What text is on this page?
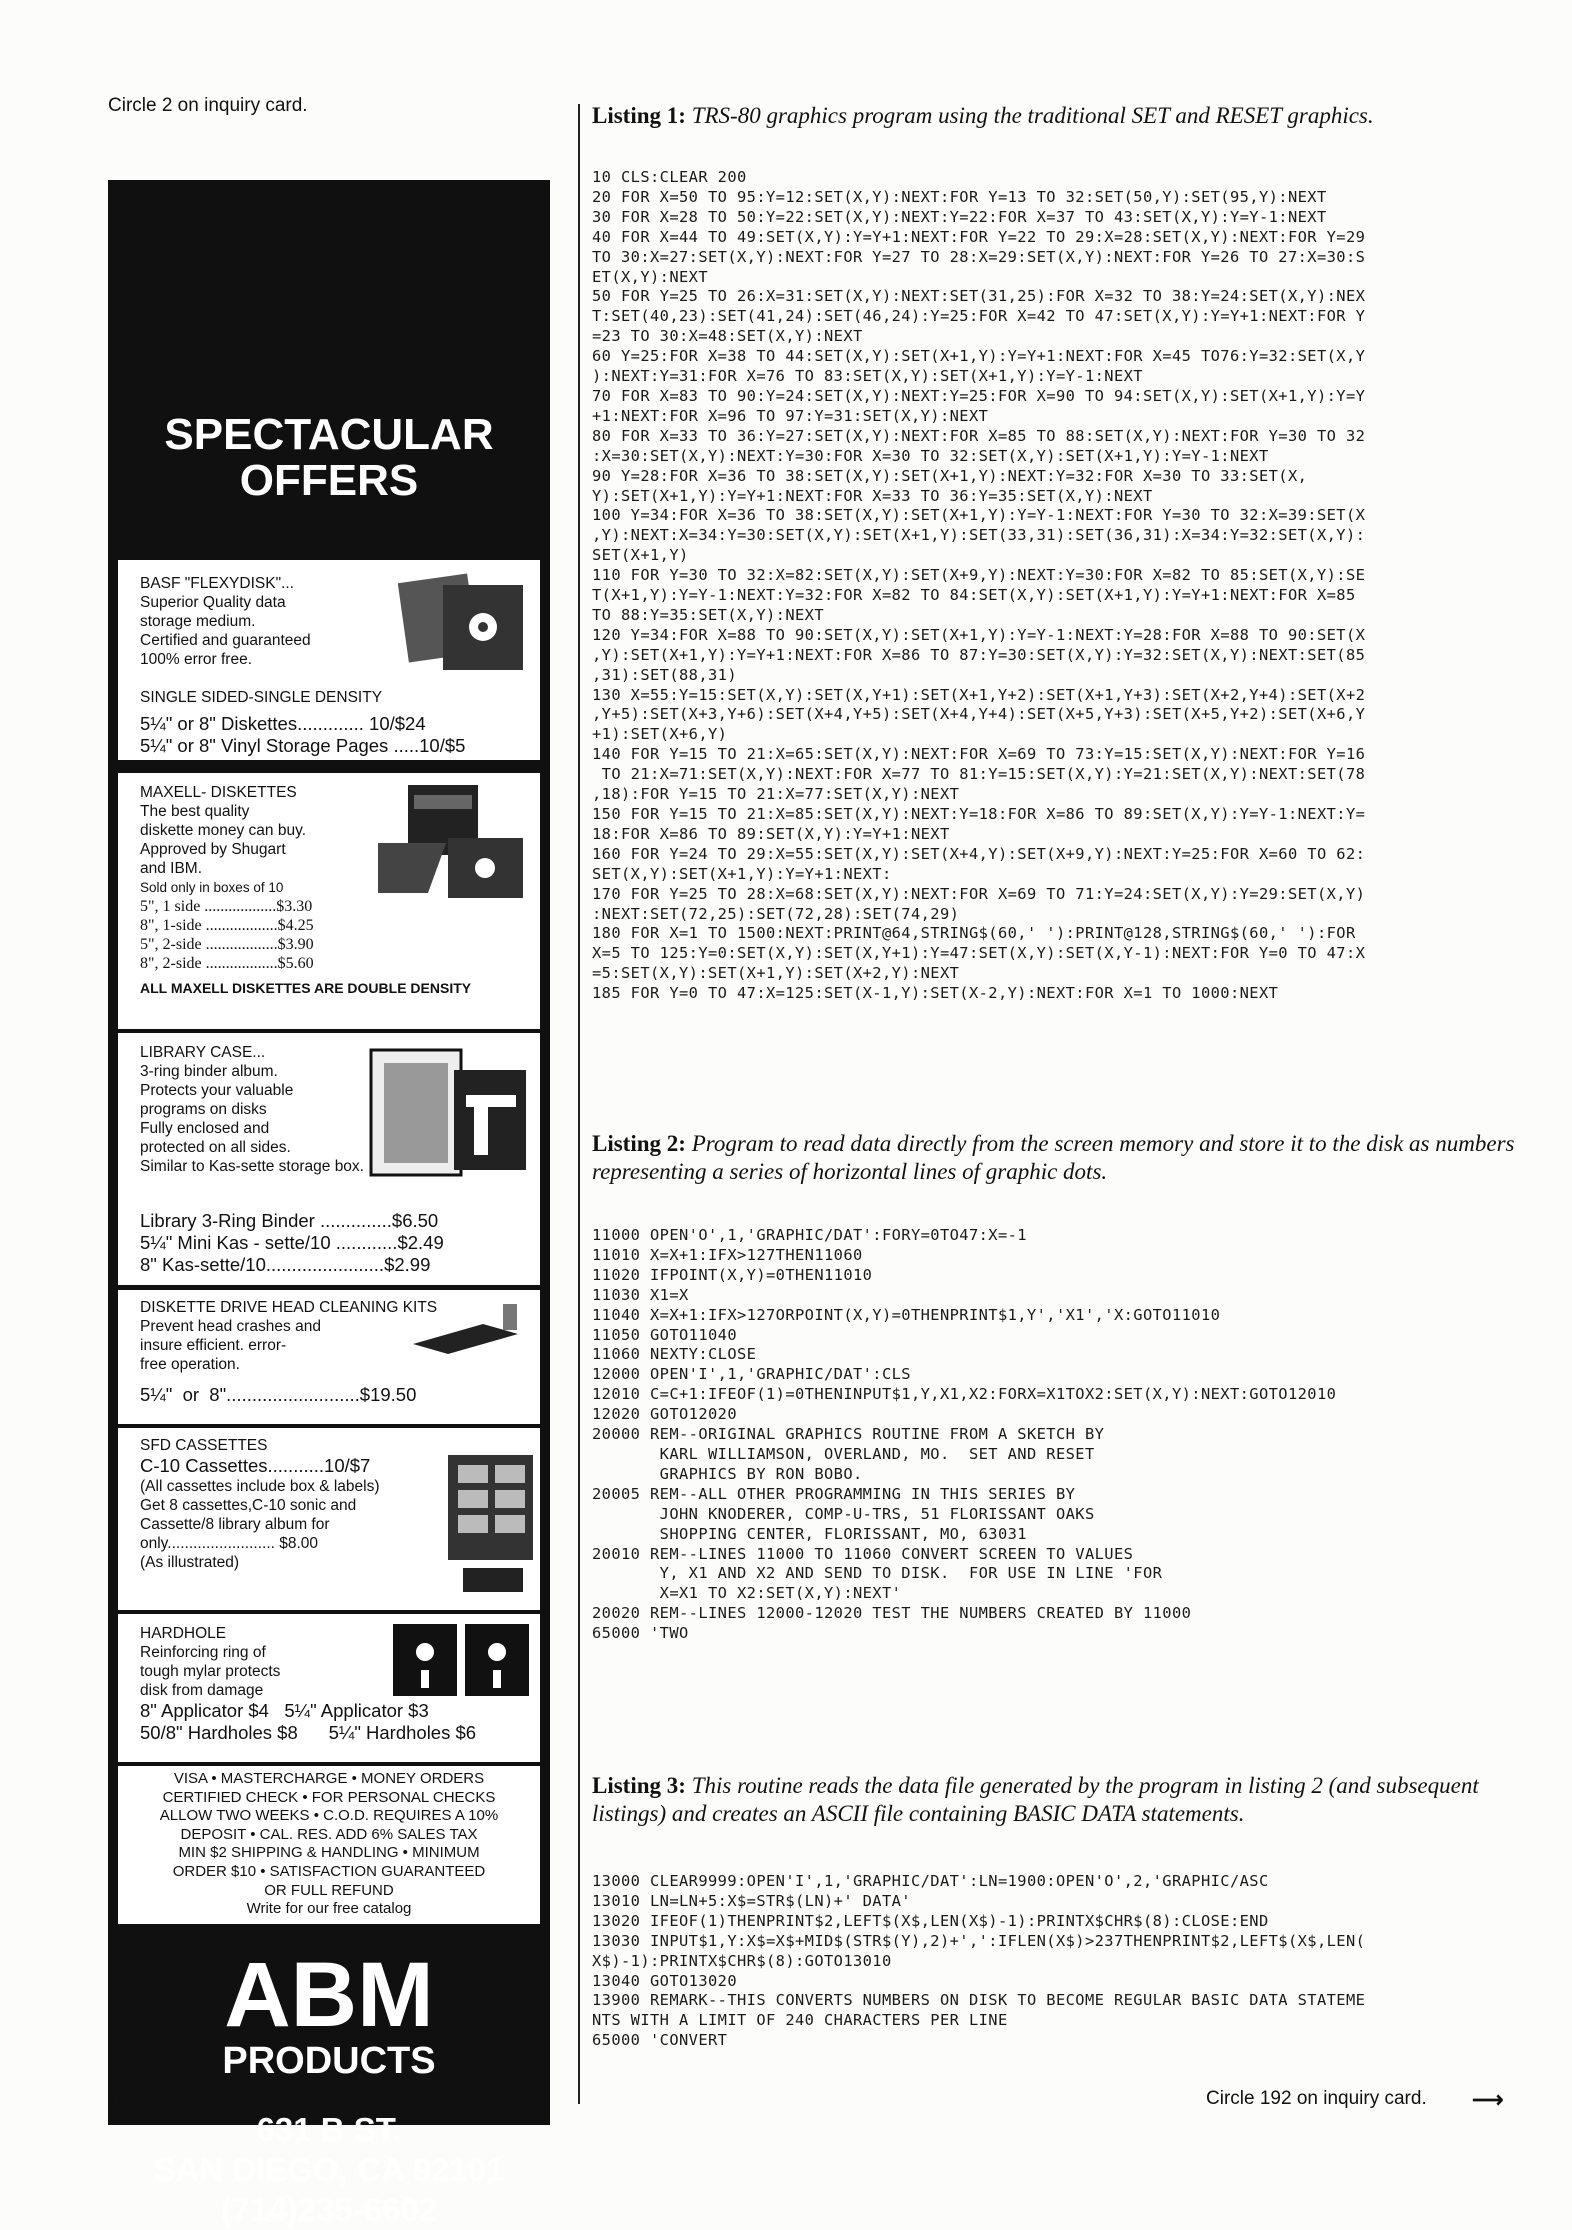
Circle 2 on inquiry card.
SPECTACULAR
OFFERS
BASF "FLEXYDISK"...
Superior Quality data
storage medium.
Certified and guaranteed
100% error free.

SINGLE SIDED-SINGLE DENSITY
5¼" or 8" Diskettes............. 10/$24
5¼" or 8" Vinyl Storage Pages .....10/$5
MAXELL- DISKETTES
The best quality
diskette money can buy.
Approved by Shugart
and IBM.
Sold only in boxes of 10
5", 1 side ..................$3.30
8", 1-side ..................$4.25
5", 2-side ..................$3.90
8", 2-side ..................$5.60
ALL MAXELL DISKETTES ARE DOUBLE DENSITY
LIBRARY CASE...
3-ring binder album.
Protects your valuable
programs on disks
Fully enclosed and
protected on all sides.
Similar to Kas-sette storage box.
Library 3-Ring Binder ..............$6.50
5¼" Mini Kas - sette/10 ............$2.49
8" Kas-sette/10.......................$2.99
DISKETTE DRIVE HEAD CLEANING KITS
Prevent head crashes and
insure efficient. error-
free operation.
5¼"  or  8"..........................$19.50
SFD CASSETTES
C-10 Cassettes...........10/$7
(All cassettes include box & labels)
Get 8 cassettes,C-10 sonic and
Cassette/8 library album for
only......................... $8.00
(As illustrated)
HARDHOLE
Reinforcing ring of
tough mylar protects
disk from damage
8" Applicator $4   5¼" Applicator $3
50/8" Hardholes $8      5¼" Hardholes $6
VISA • MASTERCHARGE • MONEY ORDERS
CERTIFIED CHECK • FOR PERSONAL CHECKS
ALLOW TWO WEEKS • C.O.D. REQUIRES A 10%
DEPOSIT • CAL. RES. ADD 6% SALES TAX
MIN $2 SHIPPING & HANDLING • MINIMUM
ORDER $10 • SATISFACTION GUARANTEED
OR FULL REFUND
Write for our free catalog
ABM
PRODUCTS
631 B ST.
SAN DIEGO, CA 92101
(714)235-6602
Listing 1: TRS-80 graphics program using the traditional SET and RESET graphics.
10 CLS:CLEAR 200
20 FOR X=50 TO 95:Y=12:SET(X,Y):NEXT:FOR Y=13 TO 32:SET(50,Y):SET(95,Y):NEXT
30 FOR X=28 TO 50:Y=22:SET(X,Y):NEXT:Y=22:FOR X=37 TO 43:SET(X,Y):Y=Y-1:NEXT
40 FOR X=44 TO 49:SET(X,Y):Y=Y+1:NEXT:FOR Y=22 TO 29:X=28:SET(X,Y):NEXT:FOR Y=29
TO 30:X=27:SET(X,Y):NEXT:FOR Y=27 TO 28:X=29:SET(X,Y):NEXT:FOR Y=26 TO 27:X=30:S
ET(X,Y):NEXT
50 FOR Y=25 TO 26:X=31:SET(X,Y):NEXT:SET(31,25):FOR X=32 TO 38:Y=24:SET(X,Y):NEX
T:SET(40,23):SET(41,24):SET(46,24):Y=25:FOR X=42 TO 47:SET(X,Y):Y=Y+1:NEXT:FOR Y
=23 TO 30:X=48:SET(X,Y):NEXT
60 Y=25:FOR X=38 TO 44:SET(X,Y):SET(X+1,Y):Y=Y+1:NEXT:FOR X=45 TO76:Y=32:SET(X,Y
):NEXT:Y=31:FOR X=76 TO 83:SET(X,Y):SET(X+1,Y):Y=Y-1:NEXT
70 FOR X=83 TO 90:Y=24:SET(X,Y):NEXT:Y=25:FOR X=90 TO 94:SET(X,Y):SET(X+1,Y):Y=Y
+1:NEXT:FOR X=96 TO 97:Y=31:SET(X,Y):NEXT
80 FOR X=33 TO 36:Y=27:SET(X,Y):NEXT:FOR X=85 TO 88:SET(X,Y):NEXT:FOR Y=30 TO 32
:X=30:SET(X,Y):NEXT:Y=30:FOR X=30 TO 32:SET(X,Y):SET(X+1,Y):Y=Y-1:NEXT
90 Y=28:FOR X=36 TO 38:SET(X,Y):SET(X+1,Y):NEXT:Y=32:FOR X=30 TO 33:SET(X,
Y):SET(X+1,Y):Y=Y+1:NEXT:FOR X=33 TO 36:Y=35:SET(X,Y):NEXT
100 Y=34:FOR X=36 TO 38:SET(X,Y):SET(X+1,Y):Y=Y-1:NEXT:FOR Y=30 TO 32:X=39:SET(X
,Y):NEXT:X=34:Y=30:SET(X,Y):SET(X+1,Y):SET(33,31):SET(36,31):X=34:Y=32:SET(X,Y):
SET(X+1,Y)
110 FOR Y=30 TO 32:X=82:SET(X,Y):SET(X+9,Y):NEXT:Y=30:FOR X=82 TO 85:SET(X,Y):SE
T(X+1,Y):Y=Y-1:NEXT:Y=32:FOR X=82 TO 84:SET(X,Y):SET(X+1,Y):Y=Y+1:NEXT:FOR X=85
TO 88:Y=35:SET(X,Y):NEXT
120 Y=34:FOR X=88 TO 90:SET(X,Y):SET(X+1,Y):Y=Y-1:NEXT:Y=28:FOR X=88 TO 90:SET(X
,Y):SET(X+1,Y):Y=Y+1:NEXT:FOR X=86 TO 87:Y=30:SET(X,Y):Y=32:SET(X,Y):NEXT:SET(85
,31):SET(88,31)
130 X=55:Y=15:SET(X,Y):SET(X,Y+1):SET(X+1,Y+2):SET(X+1,Y+3):SET(X+2,Y+4):SET(X+2
,Y+5):SET(X+3,Y+6):SET(X+4,Y+5):SET(X+4,Y+4):SET(X+5,Y+3):SET(X+5,Y+2):SET(X+6,Y
+1):SET(X+6,Y)
140 FOR Y=15 TO 21:X=65:SET(X,Y):NEXT:FOR X=69 TO 73:Y=15:SET(X,Y):NEXT:FOR Y=16
TO 21:X=71:SET(X,Y):NEXT:FOR X=77 TO 81:Y=15:SET(X,Y):Y=21:SET(X,Y):NEXT:SET(78
,18):FOR Y=15 TO 21:X=77:SET(X,Y):NEXT
150 FOR Y=15 TO 21:X=85:SET(X,Y):NEXT:Y=18:FOR X=86 TO 89:SET(X,Y):Y=Y-1:NEXT:Y=
18:FOR X=86 TO 89:SET(X,Y):Y=Y+1:NEXT
160 FOR Y=24 TO 29:X=55:SET(X,Y):SET(X+4,Y):SET(X+9,Y):NEXT:Y=25:FOR X=60 TO 62:
SET(X,Y):SET(X+1,Y):Y=Y+1:NEXT:
170 FOR Y=25 TO 28:X=68:SET(X,Y):NEXT:FOR X=69 TO 71:Y=24:SET(X,Y):Y=29:SET(X,Y)
:NEXT:SET(72,25):SET(72,28):SET(74,29)
180 FOR X=1 TO 1500:NEXT:PRINT@64,STRING$(60,' '):PRINT@128,STRING$(60,' '):FOR
X=5 TO 125:Y=0:SET(X,Y):SET(X,Y+1):Y=47:SET(X,Y):SET(X,Y-1):NEXT:FOR Y=0 TO 47:X
=5:SET(X,Y):SET(X+1,Y):SET(X+2,Y):NEXT
185 FOR Y=0 TO 47:X=125:SET(X-1,Y):SET(X-2,Y):NEXT:FOR X=1 TO 1000:NEXT
Listing 2: Program to read data directly from the screen memory and store it to the disk as numbers representing a series of horizontal lines of graphic dots.
11000 OPEN'O',1,'GRAPHIC/DAT':FORY=0TO47:X=-1
11010 X=X+1:IFX>127THEN11060
11020 IFPOINT(X,Y)=0THEN11010
11030 X1=X
11040 X=X+1:IFX>127ORPOINT(X,Y)=0THENPRINT$1,Y','X1','X:GOTO11010
11050 GOTO11040
11060 NEXTY:CLOSE
12000 OPEN'I',1,'GRAPHIC/DAT':CLS
12010 C=C+1:IFEOF(1)=0THENINPUT$1,Y,X1,X2:FORX=X1TOX2:SET(X,Y):NEXT:GOTO12010
12020 GOTO12020
20000 REM--ORIGINAL GRAPHICS ROUTINE FROM A SKETCH BY
KARL WILLIAMSON, OVERLAND, MO.  SET AND RESET
GRAPHICS BY RON BOBO.
20005 REM--ALL OTHER PROGRAMMING IN THIS SERIES BY
JOHN KNODERER, COMP-U-TRS, 51 FLORISSANT OAKS
SHOPPING CENTER, FLORISSANT, MO, 63031
20010 REM--LINES 11000 TO 11060 CONVERT SCREEN TO VALUES
Y, X1 AND X2 AND SEND TO DISK.  FOR USE IN LINE 'FOR
X=X1 TO X2:SET(X,Y):NEXT'
20020 REM--LINES 12000-12020 TEST THE NUMBERS CREATED BY 11000
65000 'TWO
Listing 3: This routine reads the data file generated by the program in listing 2 (and subsequent listings) and creates an ASCII file containing BASIC DATA statements.
13000 CLEAR9999:OPEN'I',1,'GRAPHIC/DAT':LN=1900:OPEN'O',2,'GRAPHIC/ASC
13010 LN=LN+5:X$=STR$(LN)+' DATA'
13020 IFEOF(1)THENPRINT$2,LEFT$(X$,LEN(X$)-1):PRINTX$CHR$(8):CLOSE:END
13030 INPUT$1,Y:X$=X$+MID$(STR$(Y),2)+',':IFLEN(X$)>237THENPRINT$2,LEFT$(X$,LEN(
X$)-1):PRINTX$CHR$(8):GOTO13010
13040 GOTO13020
13900 REMARK--THIS CONVERTS NUMBERS ON DISK TO BECOME REGULAR BASIC DATA STATEME
NTS WITH A LIMIT OF 240 CHARACTERS PER LINE
65000 'CONVERT
174 May 1981 © BYTE Publications Inc	Circle 192 on inquiry card. ⟶
